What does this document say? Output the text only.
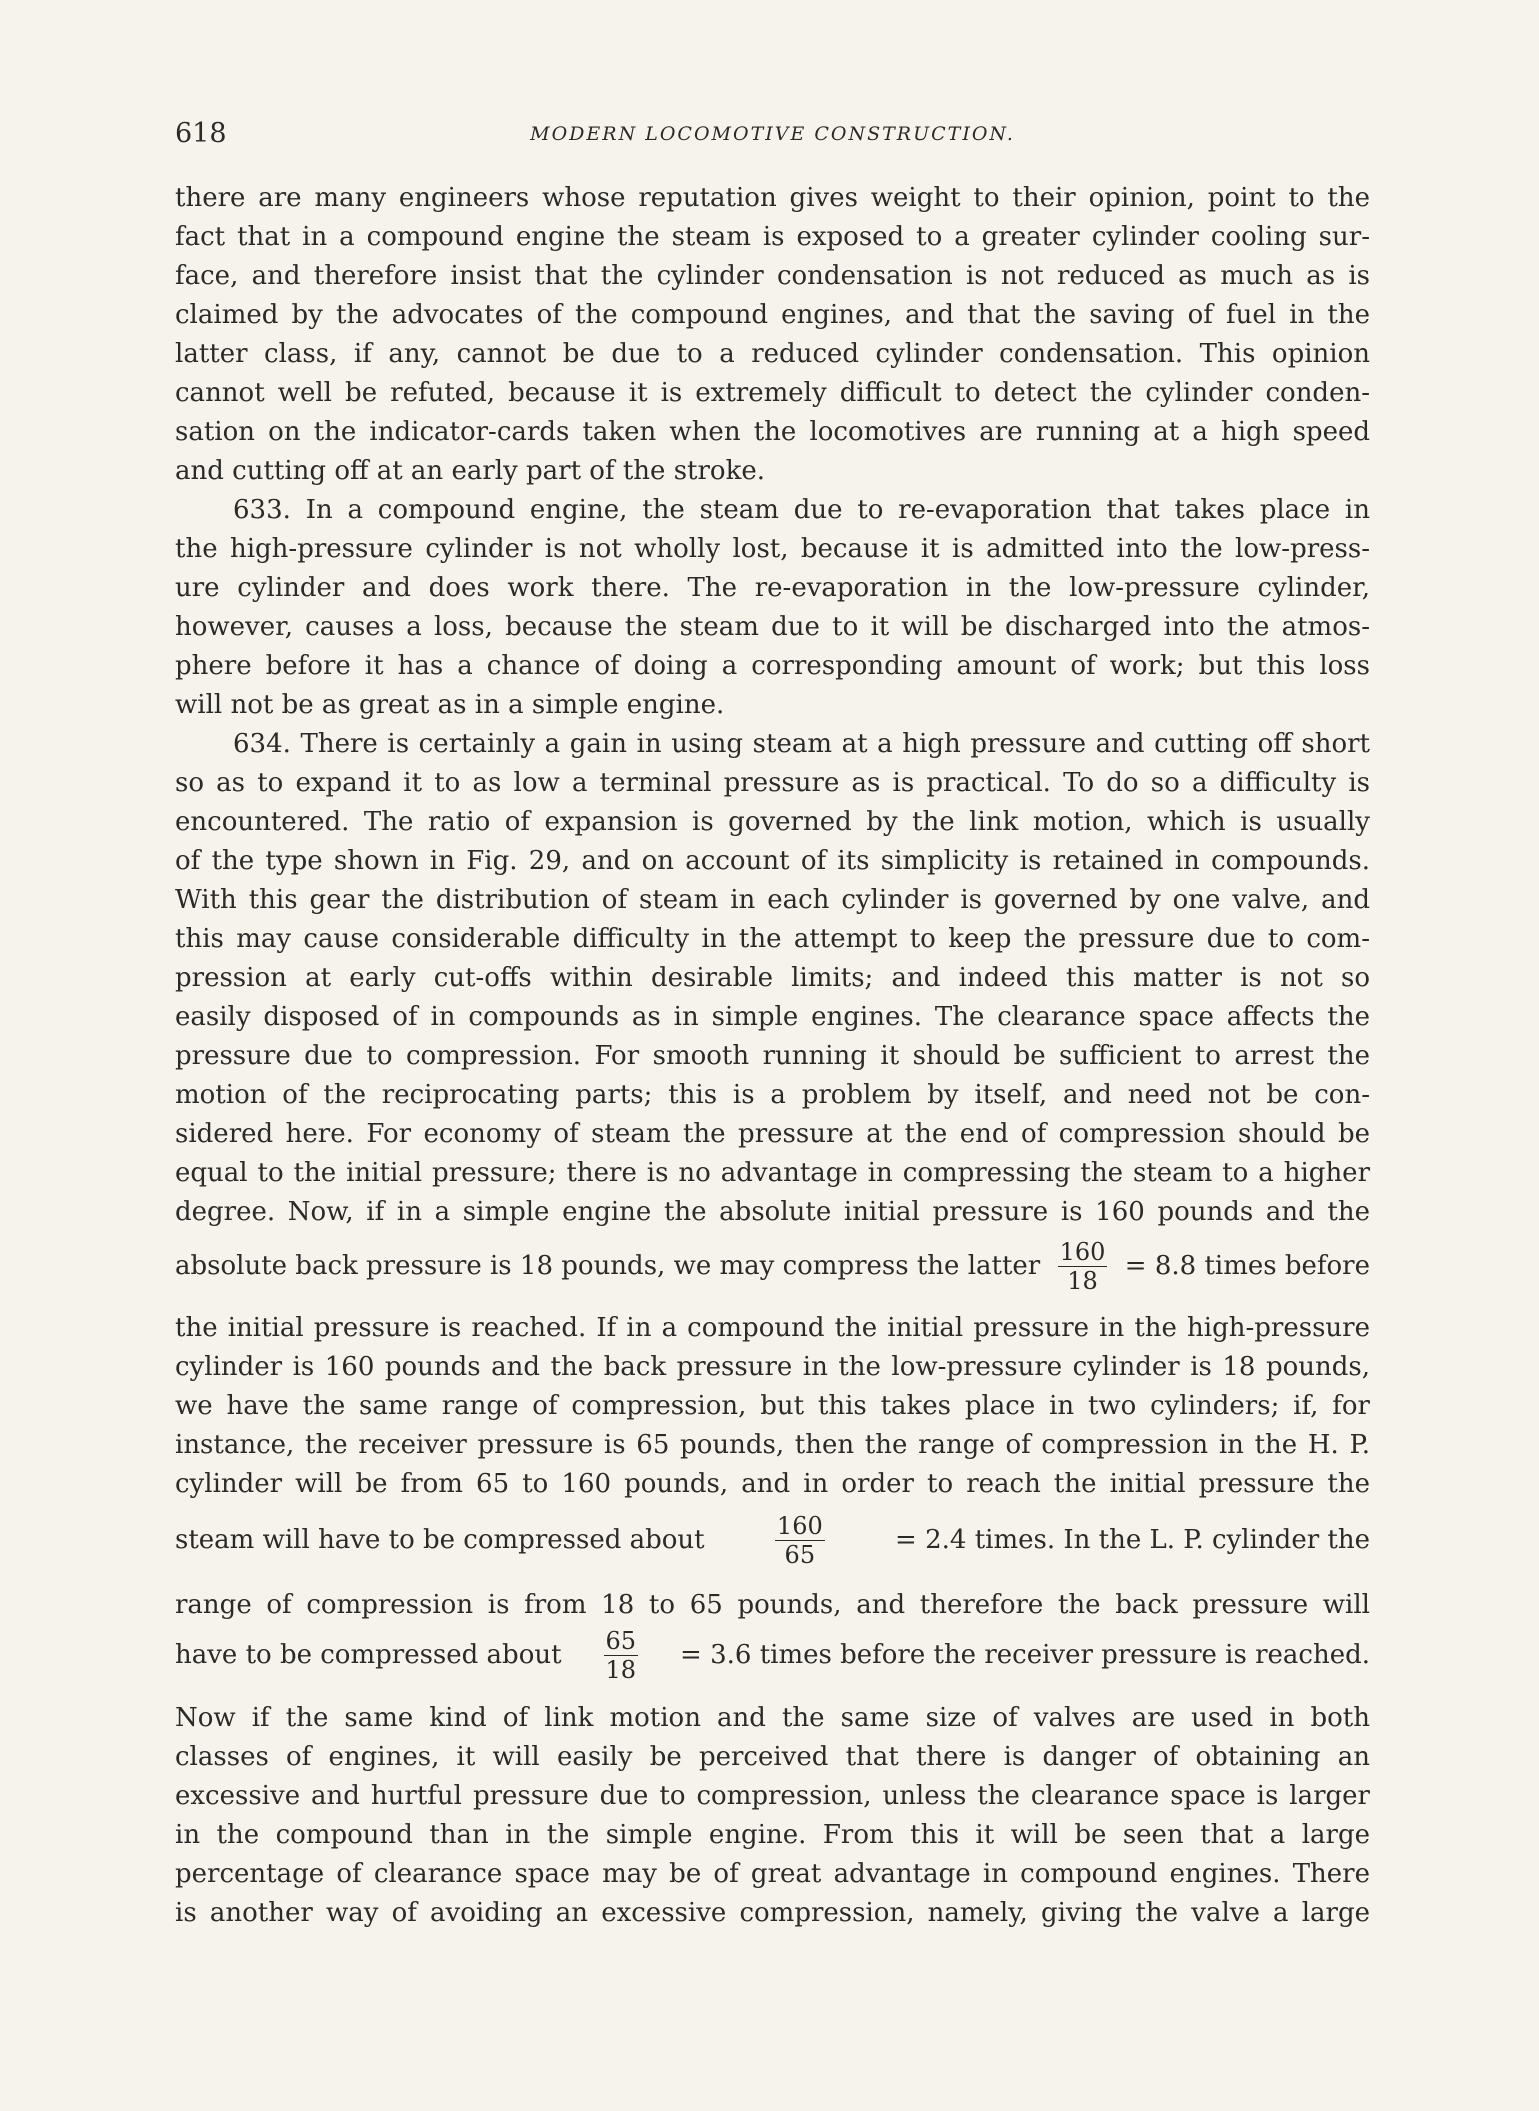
618	MODERN LOCOMOTIVE CONSTRUCTION.
there are many engineers whose reputation gives weight to their opinion, point to the
fact that in a compound engine the steam is exposed to a greater cylinder cooling sur-
face, and therefore insist that the cylinder condensation is not reduced as much as is
claimed by the advocates of the compound engines, and that the saving of fuel in the
latter class, if any, cannot be due to a reduced cylinder condensation. This opinion
cannot well be refuted, because it is extremely difficult to detect the cylinder conden-
sation on the indicator-cards taken when the locomotives are running at a high speed
and cutting off at an early part of the stroke.
633. In a compound engine, the steam due to re-evaporation that takes place in
the high-pressure cylinder is not wholly lost, because it is admitted into the low-press-
ure cylinder and does work there. The re-evaporation in the low-pressure cylinder,
however, causes a loss, because the steam due to it will be discharged into the atmos-
phere before it has a chance of doing a corresponding amount of work; but this loss
will not be as great as in a simple engine.
634. There is certainly a gain in using steam at a high pressure and cutting off short
so as to expand it to as low a terminal pressure as is practical. To do so a difficulty is
encountered. The ratio of expansion is governed by the link motion, which is usually
of the type shown in Fig. 29, and on account of its simplicity is retained in compounds.
With this gear the distribution of steam in each cylinder is governed by one valve, and
this may cause considerable difficulty in the attempt to keep the pressure due to com-
pression at early cut-offs within desirable limits; and indeed this matter is not so
easily disposed of in compounds as in simple engines. The clearance space affects the
pressure due to compression. For smooth running it should be sufficient to arrest the
motion of the reciprocating parts; this is a problem by itself, and need not be con-
sidered here. For economy of steam the pressure at the end of compression should be
equal to the initial pressure; there is no advantage in compressing the steam to a higher
degree. Now, if in a simple engine the absolute initial pressure is 160 pounds and the
absolute back pressure is 18 pounds, we may compress the latter $\frac{160}{18} = 8.8$ times before
the initial pressure is reached. If in a compound the initial pressure in the high-pressure
cylinder is 160 pounds and the back pressure in the low-pressure cylinder is 18 pounds,
we have the same range of compression, but this takes place in two cylinders; if, for
instance, the receiver pressure is 65 pounds, then the range of compression in the H. P.
cylinder will be from 65 to 160 pounds, and in order to reach the initial pressure the
steam will have to be compressed about	$\frac{160}{65}$	= 2.4 times. In the L. P. cylinder the
range of compression is from 18 to 65 pounds, and therefore the back pressure will
have to be compressed about $\frac{65}{18} = 3.6$ times before the receiver pressure is reached.
Now if the same kind of link motion and the same size of valves are used in both
classes of engines, it will easily be perceived that there is danger of obtaining an
excessive and hurtful pressure due to compression, unless the clearance space is larger
in the compound than in the simple engine. From this it will be seen that a large
percentage of clearance space may be of great advantage in compound engines. There
is another way of avoiding an excessive compression, namely, giving the valve a large
